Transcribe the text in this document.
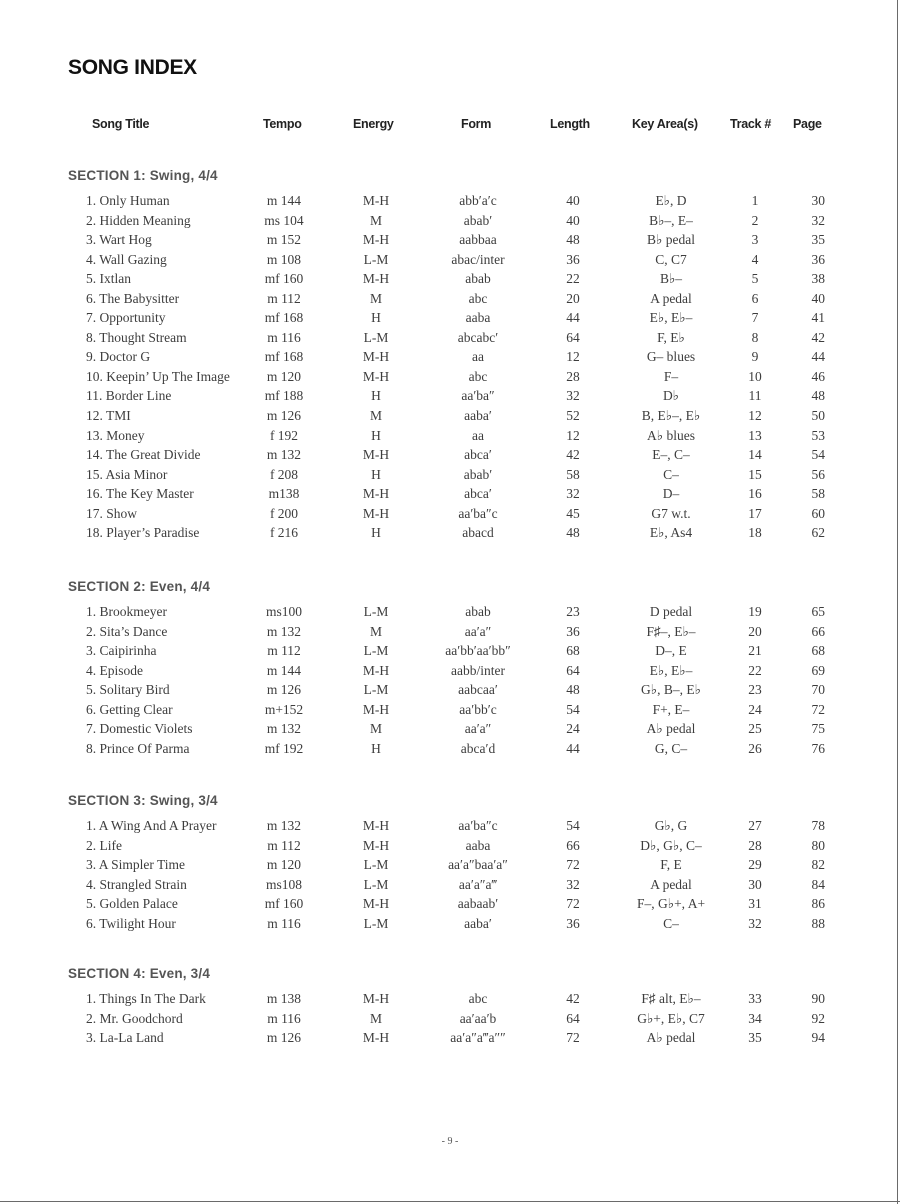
SONG INDEX
Song Title	Tempo	Energy	Form	Length	Key Area(s)	Track # Page
SECTION 1: Swing, 4/4
1. Only Human	m 144	M-H	abb′a′c	40	E♭, D	1	30
2. Hidden Meaning	ms 104	M	abab′	40	B♭–, E–	2	32
3. Wart Hog	m 152	M-H	aabbaa	48	B♭ pedal	3	35
4. Wall Gazing	m 108	L-M	abac/inter	36	C, C7	4	36
5. Ixtlan	mf 160	M-H	abab	22	B♭–	5	38
6. The Babysitter	m 112	M	abc	20	A pedal	6	40
7. Opportunity	mf 168	H	aaba	44	E♭, E♭–	7	41
8. Thought Stream	m 116	L-M	abcabc′	64	F, E♭	8	42
9. Doctor G	mf 168	M-H	aa	12	G– blues	9	44
10. Keepin’ Up The Image	m 120	M-H	abc	28	F–	10	46
11. Border Line	mf 188	H	aa′ba″	32	D♭	11	48
12. TMI	m 126	M	aaba′	52	B, E♭–, E♭	12	50
13. Money	f 192	H	aa	12	A♭ blues	13	53
14. The Great Divide	m 132	M-H	abca′	42	E–, C–	14	54
15. Asia Minor	f 208	H	abab′	58	C–	15	56
16. The Key Master	m138	M-H	abca′	32	D–	16	58
17. Show	f 200	M-H	aa′ba″c	45	G7 w.t.	17	60
18. Player’s Paradise	f 216	H	abacd	48	E♭, As4	18	62
SECTION 2: Even, 4/4
1. Brookmeyer	ms100	L-M	abab	23	D pedal	19	65
2. Sita’s Dance	m 132	M	aa′a″	36	F♯–, E♭–	20	66
3. Caipirinha	m 112	L-M	aa′bb′aa′bb″	68	D–, E	21	68
4. Episode	m 144	M-H	aabb/inter	64	E♭, E♭–	22	69
5. Solitary Bird	m 126	L-M	aabcaa′	48	G♭, B–, E♭	23	70
6. Getting Clear	m+152	M-H	aa′bb′c	54	F+, E–	24	72
7. Domestic Violets	m 132	M	aa′a″	24	A♭ pedal	25	75
8. Prince Of Parma	mf 192	H	abca′d	44	G, C–	26	76
SECTION 3: Swing, 3/4
1. A Wing And A Prayer	m 132	M-H	aa′ba″c	54	G♭, G	27	78
2. Life	m 112	M-H	aaba	66	D♭, G♭, C–	28	80
3. A Simpler Time	m 120	L-M	aa′a″baa′a″	72	F, E	29	82
4. Strangled Strain	ms108	L-M	aa′a″a‴	32	A pedal	30	84
5. Golden Palace	mf 160	M-H	aabaab′	72	F–, G♭+, A+	31	86
6. Twilight Hour	m 116	L-M	aaba′	36	C–	32	88
SECTION 4: Even, 3/4
1. Things In The Dark	m 138	M-H	abc	42	F♯ alt, E♭–	33	90
2. Mr. Goodchord	m 116	M	aa′aa′b	64	G♭+, E♭, C7	34	92
3. La-La Land	m 126	M-H	aa′a″a‴a″″	72	A♭ pedal	35	94
- 9 -
